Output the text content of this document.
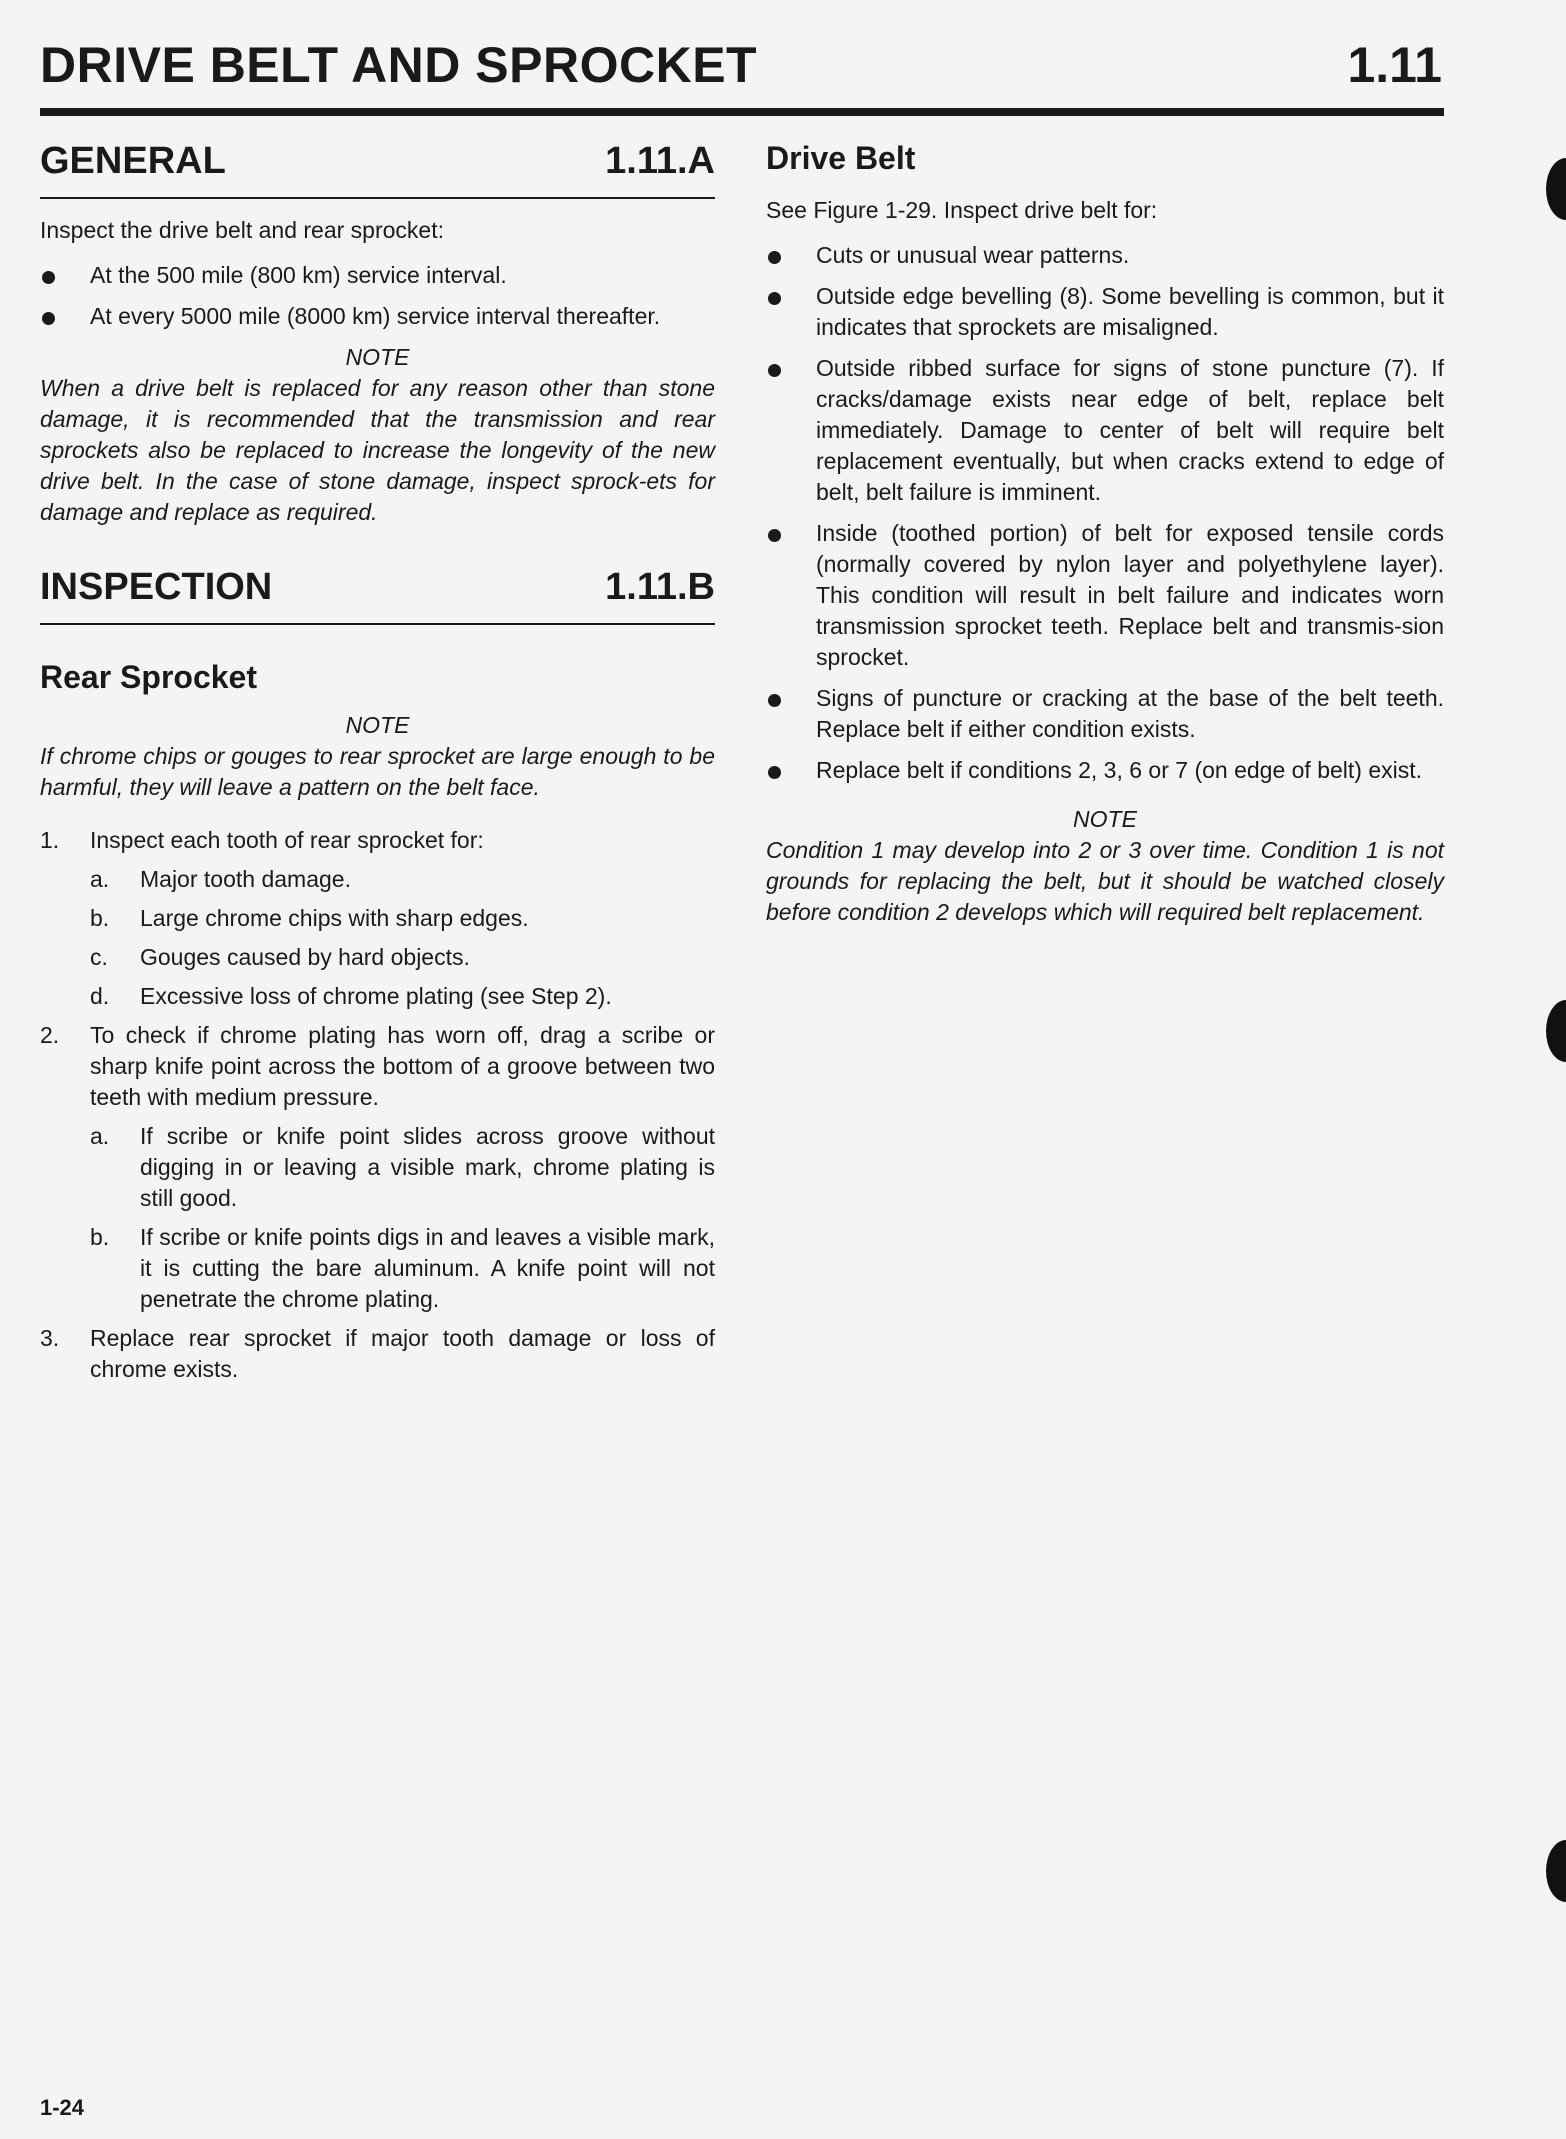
DRIVE BELT AND SPROCKET	1.11
GENERAL	1.11.A

Inspect the drive belt and rear sprocket:

At the 500 mile (800 km) service interval.
At every 5000 mile (8000 km) service interval thereafter.
NOTE
When a drive belt is replaced for any reason other than stone damage, it is recommended that the transmission and rear sprockets also be replaced to increase the longevity of the new drive belt. In the case of stone damage, inspect sprock-ets for damage and replace as required.
INSPECTION	1.11.B
Rear Sprocket
NOTE
If chrome chips or gouges to rear sprocket are large enough to be harmful, they will leave a pattern on the belt face.
1. Inspect each tooth of rear sprocket for:
a. Major tooth damage.
b. Large chrome chips with sharp edges.
c. Gouges caused by hard objects.
d. Excessive loss of chrome plating (see Step 2).
2. To check if chrome plating has worn off, drag a scribe or sharp knife point across the bottom of a groove between two teeth with medium pressure.
a. If scribe or knife point slides across groove without digging in or leaving a visible mark, chrome plating is still good.
b. If scribe or knife points digs in and leaves a visible mark, it is cutting the bare aluminum. A knife point will not penetrate the chrome plating.
3. Replace rear sprocket if major tooth damage or loss of chrome exists.
Drive Belt

See Figure 1-29. Inspect drive belt for:

Cuts or unusual wear patterns.
Outside edge bevelling (8). Some bevelling is common, but it indicates that sprockets are misaligned.
Outside ribbed surface for signs of stone puncture (7). If cracks/damage exists near edge of belt, replace belt immediately. Damage to center of belt will require belt replacement eventually, but when cracks extend to edge of belt, belt failure is imminent.
Inside (toothed portion) of belt for exposed tensile cords (normally covered by nylon layer and polyethylene layer). This condition will result in belt failure and indicates worn transmission sprocket teeth. Replace belt and transmis-sion sprocket.
Signs of puncture or cracking at the base of the belt teeth. Replace belt if either condition exists.
Replace belt if conditions 2, 3, 6 or 7 (on edge of belt) exist.
NOTE
Condition 1 may develop into 2 or 3 over time. Condition 1 is not grounds for replacing the belt, but it should be watched closely before condition 2 develops which will required belt replacement.
1-24
